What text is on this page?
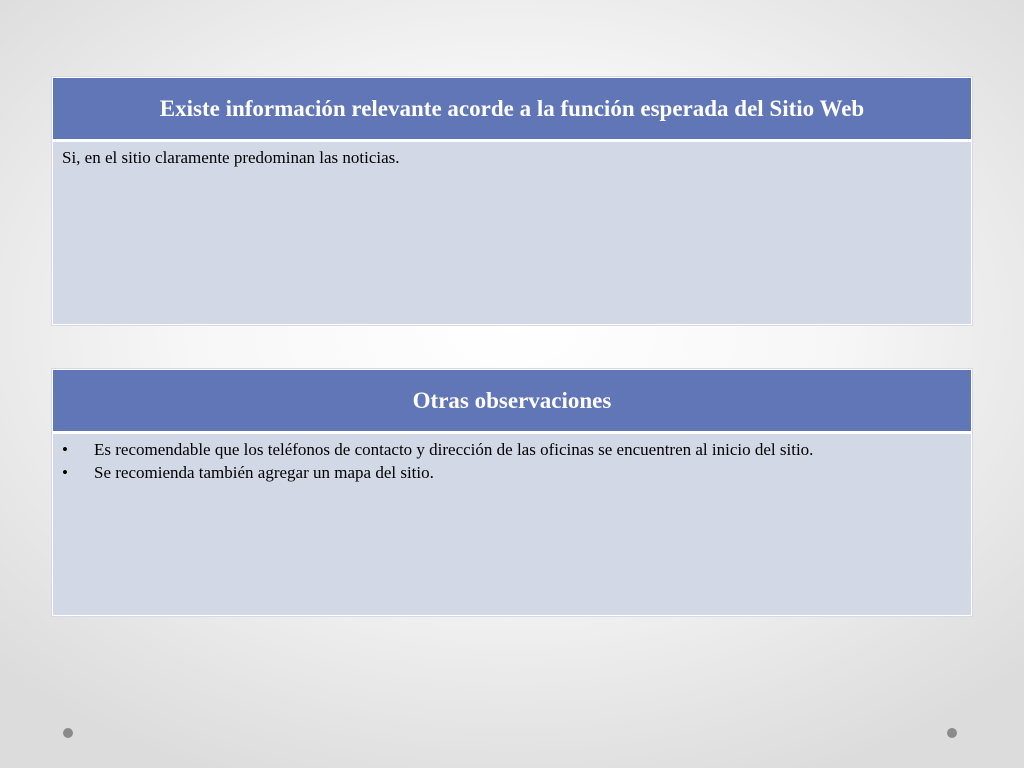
Existe información relevante acorde a la función esperada del Sitio Web
Si, en el sitio claramente predominan las noticias.
Otras observaciones
• Es recomendable que los teléfonos de contacto y dirección de las oficinas se encuentren al inicio del sitio.
• Se recomienda también agregar un mapa del sitio.
